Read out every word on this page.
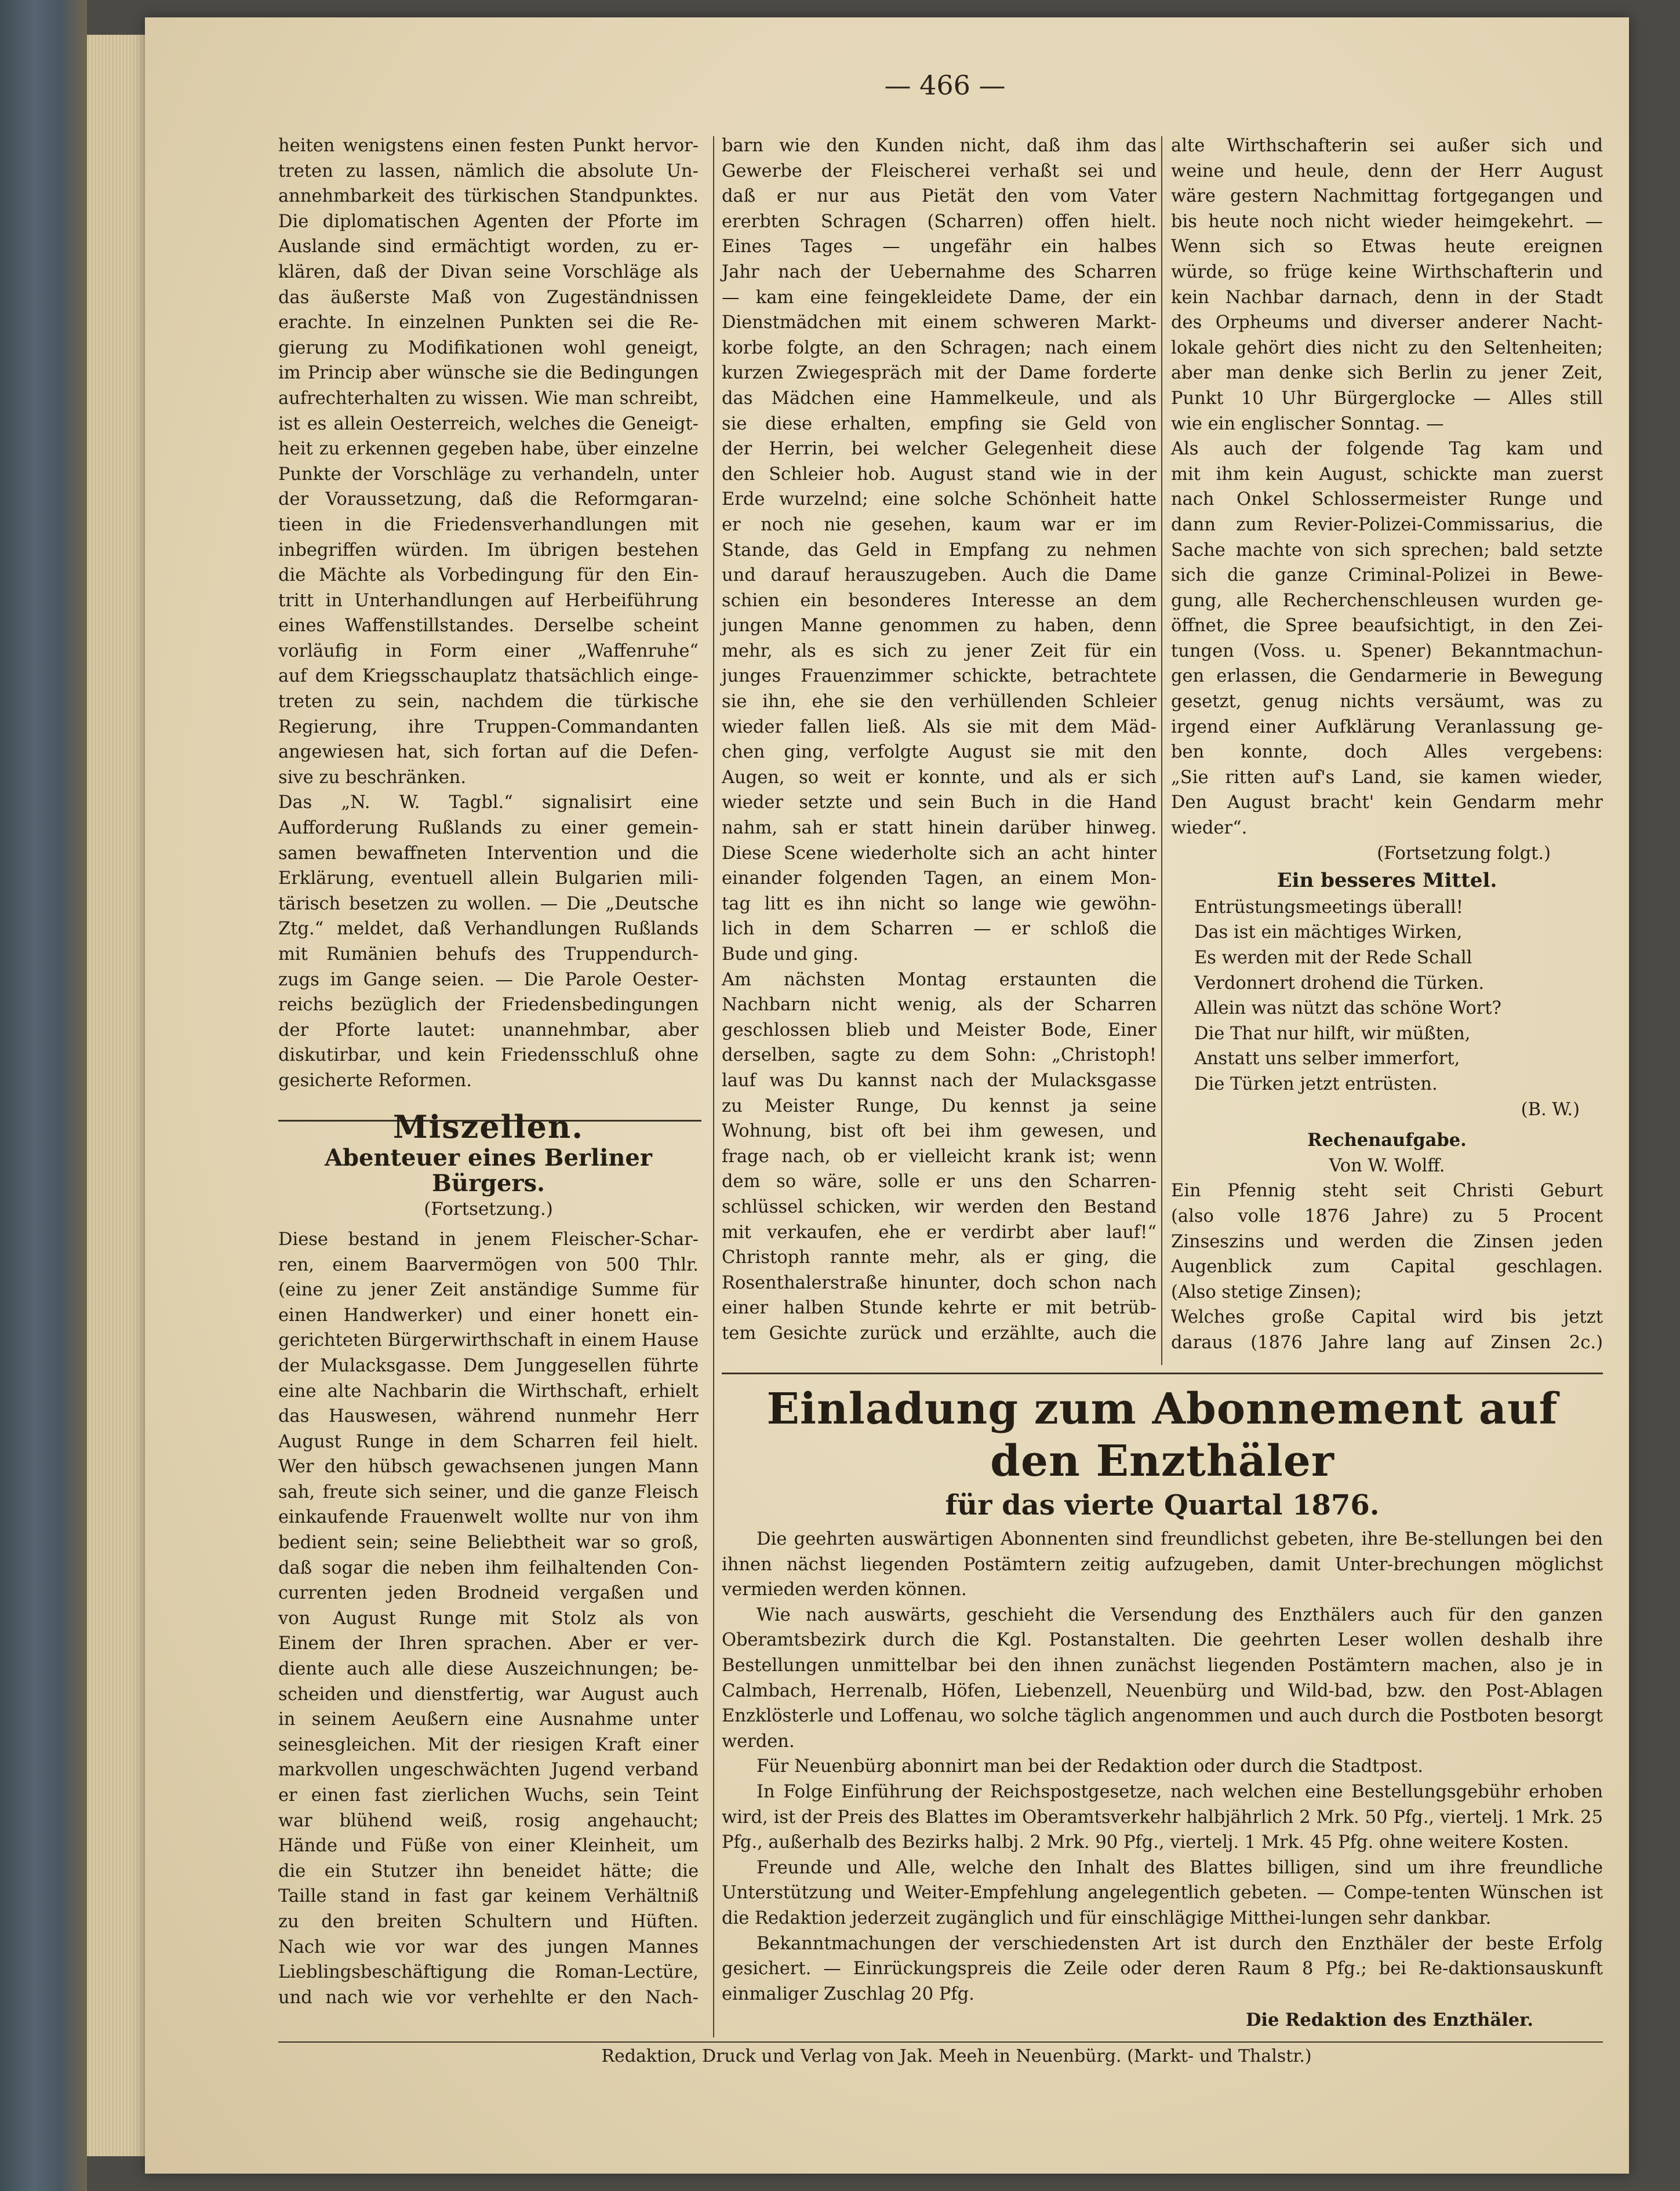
— 466 —

heiten wenigstens einen festen Punkt hervor-

treten zu lassen, nämlich die absolute Un-

annehmbarkeit des türkischen Standpunktes.

Die diplomatischen Agenten der Pforte im

Auslande sind ermächtigt worden, zu er-

klären, daß der Divan seine Vorschläge als

das äußerste Maß von Zugeständnissen

erachte. In einzelnen Punkten sei die Re-

gierung zu Modifikationen wohl geneigt,

im Princip aber wünsche sie die Bedingungen

aufrechterhalten zu wissen. Wie man schreibt,

ist es allein Oesterreich, welches die Geneigt-

heit zu erkennen gegeben habe, über einzelne

Punkte der Vorschläge zu verhandeln, unter

der Voraussetzung, daß die Reformgaran-

tieen in die Friedensverhandlungen mit

inbegriffen würden. Im übrigen bestehen

die Mächte als Vorbedingung für den Ein-

tritt in Unterhandlungen auf Herbeiführung

eines Waffenstillstandes. Derselbe scheint

vorläufig in Form einer „Waffenruhe“

auf dem Kriegsschauplatz thatsächlich einge-

treten zu sein, nachdem die türkische

Regierung, ihre Truppen-Commandanten

angewiesen hat, sich fortan auf die Defen-

sive zu beschränken.

Das „N. W. Tagbl.“ signalisirt eine

Aufforderung Rußlands zu einer gemein-

samen bewaffneten Intervention und die

Erklärung, eventuell allein Bulgarien mili-

tärisch besetzen zu wollen. — Die „Deutsche

Ztg.“ meldet, daß Verhandlungen Rußlands

mit Rumänien behufs des Truppendurch-

zugs im Gange seien. — Die Parole Oester-

reichs bezüglich der Friedensbedingungen

der Pforte lautet: unannehmbar, aber

diskutirbar, und kein Friedensschluß ohne

gesicherte Reformen.

Miszellen.
Abenteuer eines Berliner Bürgers.
(Fortsetzung.)

Diese bestand in jenem Fleischer-Schar-

ren, einem Baarvermögen von 500 Thlr.

(eine zu jener Zeit anständige Summe für

einen Handwerker) und einer honett ein-

gerichteten Bürgerwirthschaft in einem Hause

der Mulacksgasse. Dem Junggesellen führte

eine alte Nachbarin die Wirthschaft, erhielt

das Hauswesen, während nunmehr Herr

August Runge in dem Scharren feil hielt.

Wer den hübsch gewachsenen jungen Mann

sah, freute sich seiner, und die ganze Fleisch

einkaufende Frauenwelt wollte nur von ihm

bedient sein; seine Beliebtheit war so groß,

daß sogar die neben ihm feilhaltenden Con-

currenten jeden Brodneid vergaßen und

von August Runge mit Stolz als von

Einem der Ihren sprachen. Aber er ver-

diente auch alle diese Auszeichnungen; be-

scheiden und dienstfertig, war August auch

in seinem Aeußern eine Ausnahme unter

seinesgleichen. Mit der riesigen Kraft einer

markvollen ungeschwächten Jugend verband

er einen fast zierlichen Wuchs, sein Teint

war blühend weiß, rosig angehaucht;

Hände und Füße von einer Kleinheit, um

die ein Stutzer ihn beneidet hätte; die

Taille stand in fast gar keinem Verhältniß

zu den breiten Schultern und Hüften.

Nach wie vor war des jungen Mannes

Lieblingsbeschäftigung die Roman-Lectüre,

und nach wie vor verhehlte er den Nach-

barn wie den Kunden nicht, daß ihm das

Gewerbe der Fleischerei verhaßt sei und

daß er nur aus Pietät den vom Vater

ererbten Schragen (Scharren) offen hielt.

Eines Tages — ungefähr ein halbes

Jahr nach der Uebernahme des Scharren

— kam eine feingekleidete Dame, der ein

Dienstmädchen mit einem schweren Markt-

korbe folgte, an den Schragen; nach einem

kurzen Zwiegespräch mit der Dame forderte

das Mädchen eine Hammelkeule, und als

sie diese erhalten, empfing sie Geld von

der Herrin, bei welcher Gelegenheit diese

den Schleier hob. August stand wie in der

Erde wurzelnd; eine solche Schönheit hatte

er noch nie gesehen, kaum war er im

Stande, das Geld in Empfang zu nehmen

und darauf herauszugeben. Auch die Dame

schien ein besonderes Interesse an dem

jungen Manne genommen zu haben, denn

mehr, als es sich zu jener Zeit für ein

junges Frauenzimmer schickte, betrachtete

sie ihn, ehe sie den verhüllenden Schleier

wieder fallen ließ. Als sie mit dem Mäd-

chen ging, verfolgte August sie mit den

Augen, so weit er konnte, und als er sich

wieder setzte und sein Buch in die Hand

nahm, sah er statt hinein darüber hinweg.

Diese Scene wiederholte sich an acht hinter

einander folgenden Tagen, an einem Mon-

tag litt es ihn nicht so lange wie gewöhn-

lich in dem Scharren — er schloß die

Bude und ging.

Am nächsten Montag erstaunten die

Nachbarn nicht wenig, als der Scharren

geschlossen blieb und Meister Bode, Einer

derselben, sagte zu dem Sohn: „Christoph!

lauf was Du kannst nach der Mulacksgasse

zu Meister Runge, Du kennst ja seine

Wohnung, bist oft bei ihm gewesen, und

frage nach, ob er vielleicht krank ist; wenn

dem so wäre, solle er uns den Scharren-

schlüssel schicken, wir werden den Bestand

mit verkaufen, ehe er verdirbt aber lauf!“

Christoph rannte mehr, als er ging, die

Rosenthalerstraße hinunter, doch schon nach

einer halben Stunde kehrte er mit betrüb-

tem Gesichte zurück und erzählte, auch die

alte Wirthschafterin sei außer sich und

weine und heule, denn der Herr August

wäre gestern Nachmittag fortgegangen und

bis heute noch nicht wieder heimgekehrt. —

Wenn sich so Etwas heute ereignen

würde, so früge keine Wirthschafterin und

kein Nachbar darnach, denn in der Stadt

des Orpheums und diverser anderer Nacht-

lokale gehört dies nicht zu den Seltenheiten;

aber man denke sich Berlin zu jener Zeit,

Punkt 10 Uhr Bürgerglocke — Alles still

wie ein englischer Sonntag. —

Als auch der folgende Tag kam und

mit ihm kein August, schickte man zuerst

nach Onkel Schlossermeister Runge und

dann zum Revier-Polizei-Commissarius, die

Sache machte von sich sprechen; bald setzte

sich die ganze Criminal-Polizei in Bewe-

gung, alle Recherchenschleusen wurden ge-

öffnet, die Spree beaufsichtigt, in den Zei-

tungen (Voss. u. Spener) Bekanntmachun-

gen erlassen, die Gendarmerie in Bewegung

gesetzt, genug nichts versäumt, was zu

irgend einer Aufklärung Veranlassung ge-

ben konnte, doch Alles vergebens:

„Sie ritten auf's Land, sie kamen wieder,

Den August bracht' kein Gendarm mehr

wieder“.

(Fortsetzung folgt.)
Ein besseres Mittel.

Entrüstungsmeetings überall!

Das ist ein mächtiges Wirken,

Es werden mit der Rede Schall

Verdonnert drohend die Türken.

Allein was nützt das schöne Wort?

Die That nur hilft, wir müßten,

Anstatt uns selber immerfort,

Die Türken jetzt entrüsten.

(B. W.)
Rechenaufgabe.
Von W. Wolff.

Ein Pfennig steht seit Christi Geburt

(also volle 1876 Jahre) zu 5 Procent

Zinseszins und werden die Zinsen jeden

Augenblick zum Capital geschlagen.

(Also stetige Zinsen);

Welches große Capital wird bis jetzt

daraus (1876 Jahre lang auf Zinsen 2c.)

Einladung zum Abonnement auf den Enzthäler
für das vierte Quartal 1876.

Die geehrten auswärtigen Abonnenten sind freundlichst gebeten, ihre Be-stellungen bei den ihnen nächst liegenden Postämtern zeitig aufzugeben, damit Unter-brechungen möglichst vermieden werden können.

Wie nach auswärts, geschieht die Versendung des Enzthälers auch für den ganzen Oberamtsbezirk durch die Kgl. Postanstalten. Die geehrten Leser wollen deshalb ihre Bestellungen unmittelbar bei den ihnen zunächst liegenden Postämtern machen, also je in Calmbach, Herrenalb, Höfen, Liebenzell, Neuenbürg und Wild-bad, bzw. den Post-Ablagen Enzklösterle und Loffenau, wo solche täglich angenommen und auch durch die Postboten besorgt werden.

Für Neuenbürg abonnirt man bei der Redaktion oder durch die Stadtpost.

In Folge Einführung der Reichspostgesetze, nach welchen eine Bestellungsgebühr erhoben wird, ist der Preis des Blattes im Oberamtsverkehr halbjährlich 2 Mrk. 50 Pfg., viertelj. 1 Mrk. 25 Pfg., außerhalb des Bezirks halbj. 2 Mrk. 90 Pfg., viertelj. 1 Mrk. 45 Pfg. ohne weitere Kosten.

Freunde und Alle, welche den Inhalt des Blattes billigen, sind um ihre freundliche Unterstützung und Weiter-Empfehlung angelegentlich gebeten. — Compe-tenten Wünschen ist die Redaktion jederzeit zugänglich und für einschlägige Mitthei-lungen sehr dankbar.

Bekanntmachungen der verschiedensten Art ist durch den Enzthäler der beste Erfolg gesichert. — Einrückungspreis die Zeile oder deren Raum 8 Pfg.; bei Re-daktionsauskunft einmaliger Zuschlag 20 Pfg.

Die Redaktion des Enzthäler.
Redaktion, Druck und Verlag von Jak. Meeh in Neuenbürg. (Markt- und Thalstr.)
